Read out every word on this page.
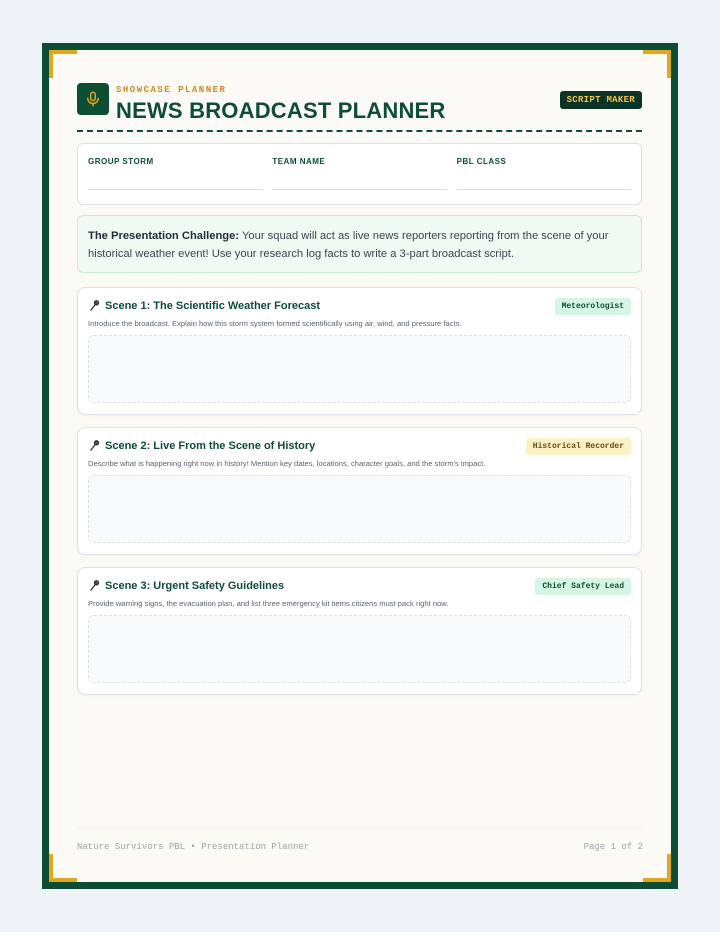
SHOWCASE PLANNER
NEWS BROADCAST PLANNER	SCRIPT MAKER
GROUP STORM	TEAM NAME	PBL CLASS
The Presentation Challenge: Your squad will act as live news reporters reporting from the scene of your historical weather event! Use your research log facts to write a 3-part broadcast script.
Scene 1: The Scientific Weather Forecast	Meteorologist
Introduce the broadcast. Explain how this storm system formed scientifically using air, wind, and pressure facts.
Scene 2: Live From the Scene of History	Historical Recorder
Describe what is happening right now in history! Mention key dates, locations, character goals, and the storm's impact.
Scene 3: Urgent Safety Guidelines	Chief Safety Lead
Provide warning signs, the evacuation plan, and list three emergency kit items citizens must pack right now.
Nature Survivors PBL • Presentation Planner	Page 1 of 2
